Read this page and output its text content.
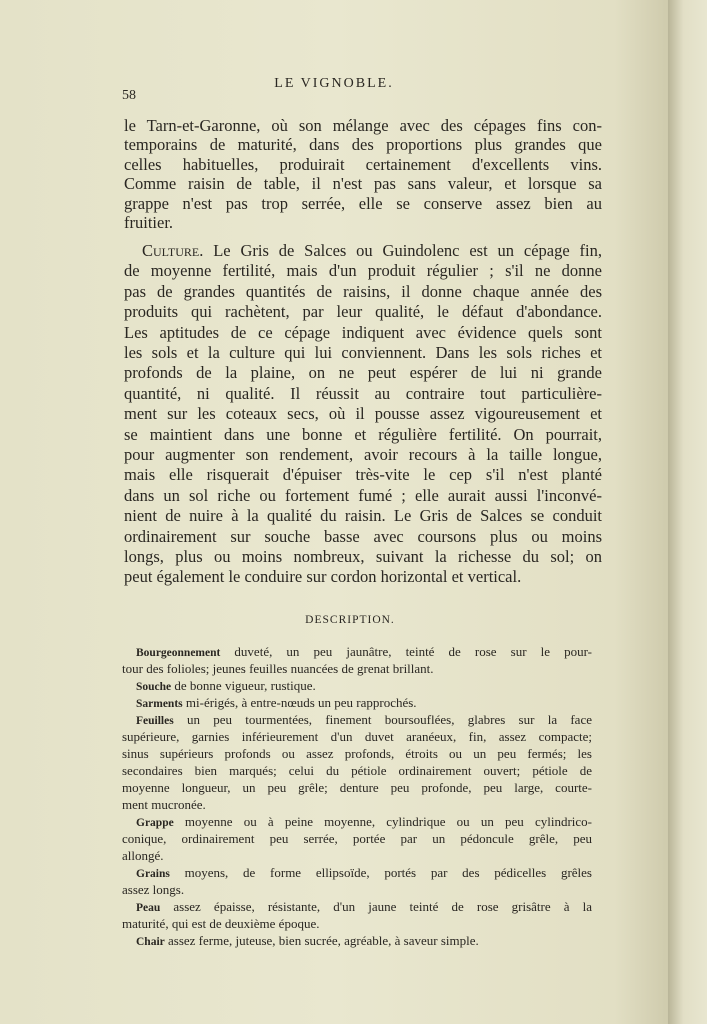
LE VIGNOBLE.
58
le Tarn-et-Garonne, où son mélange avec des cépages fins con-
temporains de maturité, dans des proportions plus grandes que
celles habituelles, produirait certainement d'excellents vins.
Comme raisin de table, il n'est pas sans valeur, et lorsque sa
grappe n'est pas trop serrée, elle se conserve assez bien au
fruitier.
Culture. Le Gris de Salces ou Guindolenc est un cépage fin,
de moyenne fertilité, mais d'un produit régulier ; s'il ne donne
pas de grandes quantités de raisins, il donne chaque année des
produits qui rachètent, par leur qualité, le défaut d'abondance.
Les aptitudes de ce cépage indiquent avec évidence quels sont
les sols et la culture qui lui conviennent. Dans les sols riches et
profonds de la plaine, on ne peut espérer de lui ni grande
quantité, ni qualité. Il réussit au contraire tout particulière-
ment sur les coteaux secs, où il pousse assez vigoureusement et
se maintient dans une bonne et régulière fertilité. On pourrait,
pour augmenter son rendement, avoir recours à la taille longue,
mais elle risquerait d'épuiser très-vite le cep s'il n'est planté
dans un sol riche ou fortement fumé ; elle aurait aussi l'inconvé-
nient de nuire à la qualité du raisin. Le Gris de Salces se conduit
ordinairement sur souche basse avec coursons plus ou moins
longs, plus ou moins nombreux, suivant la richesse du sol; on
peut également le conduire sur cordon horizontal et vertical.
DESCRIPTION.
Bourgeonnement duveté, un peu jaunâtre, teinté de rose sur le pour-
tour des folioles; jeunes feuilles nuancées de grenat brillant.
Souche de bonne vigueur, rustique.
Sarments mi-érigés, à entre-nœuds un peu rapprochés.
Feuilles un peu tourmentées, finement boursouflées, glabres sur la face
supérieure, garnies inférieurement d'un duvet aranéeux, fin, assez compacte;
sinus supérieurs profonds ou assez profonds, étroits ou un peu fermés; les
secondaires bien marqués; celui du pétiole ordinairement ouvert; pétiole de
moyenne longueur, un peu grêle; denture peu profonde, peu large, courte-
ment mucronée.
Grappe moyenne ou à peine moyenne, cylindrique ou un peu cylindrico-
conique, ordinairement peu serrée, portée par un pédoncule grêle, peu
allongé.
Grains moyens, de forme ellipsoïde, portés par des pédicelles grêles
assez longs.
Peau assez épaisse, résistante, d'un jaune teinté de rose grisâtre à la
maturité, qui est de deuxième époque.
Chair assez ferme, juteuse, bien sucrée, agréable, à saveur simple.
